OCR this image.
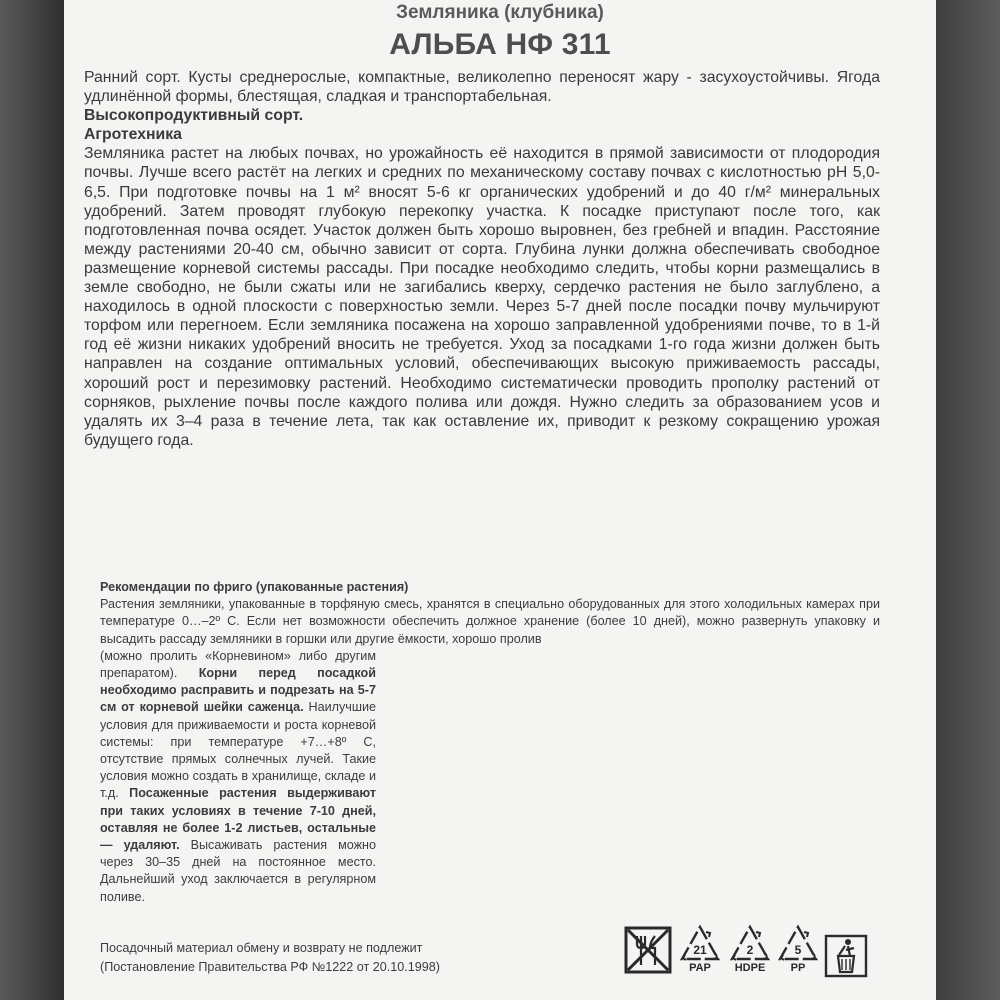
Земляника (клубника)
АЛЬБА НФ 311

Ранний сорт. Кусты среднерослые, компактные, великолепно переносят жару - засухоустойчивы. Ягода удлинённой формы, блестящая, сладкая и транспортабельная.

Высокопродуктивный сорт.

Агротехника

Земляника растет на любых почвах, но урожайность её находится в прямой зависимости от плодородия почвы. Лучше всего растёт на легких и средних по механическому составу почвах с кислотностью рН 5,0-6,5. При подготовке почвы на 1 м² вносят 5-6 кг органических удобрений и до 40 г/м² минеральных удобрений. Затем проводят глубокую перекопку участка. К посадке приступают после того, как подготовленная почва осядет. Участок должен быть хорошо выровнен, без гребней и впадин. Расстояние между растениями 20-40 см, обычно зависит от сорта. Глубина лунки должна обеспечивать свободное размещение корневой системы рассады. При посадке необходимо следить, чтобы корни размещались в земле свободно, не были сжаты или не загибались кверху, сердечко растения не было заглублено, а находилось в одной плоскости с поверхностью земли. Через 5-7 дней после посадки почву мульчируют торфом или перегноем. Если земляника посажена на хорошо заправленной удобрениями почве, то в 1-й год её жизни никаких удобрений вносить не требуется. Уход за посадками 1-го года жизни должен быть направлен на создание оптимальных условий, обеспечивающих высокую приживаемость рассады, хороший рост и перезимовку растений. Необходимо систематически проводить прополку растений от сорняков, рыхление почвы после каждого полива или дождя. Нужно следить за образованием усов и удалять их 3–4 раза в течение лета, так как оставление их, приводит к резкому сокращению урожая будущего года.

Рекомендации по фриго (упакованные растения)

Растения земляники, упакованные в торфяную смесь, хранятся в специально оборудованных для этого холодильных камерах при температуре 0…–2º С. Если нет возможности обеспечить должное хранение (более 10 дней), можно развернуть упаковку и высадить рассаду земляники в горшки или другие ёмкости, хорошо пролив

(можно пролить «Корневином» либо другим препаратом). Корни перед посадкой необходимо расправить и подрезать на 5-7 см от корневой шейки саженца. Наилучшие условия для приживаемости и роста корневой системы: при температуре +7…+8º С, отсутствие прямых солнечных лучей. Такие условия можно создать в хранилище, складе и т.д. Посаженные растения выдерживают при таких условиях в течение 7-10 дней, оставляя не более 1-2 листьев, остальные — удаляют. Высаживать растения можно через 30–35 дней на постоянное место. Дальнейший уход заключается в регулярном поливе.

Посадочный материал обмену и возврату не подлежит
(Постановление Правительства РФ №1222 от 20.10.1998)
21
PAP
2
HDPE
5
PP
